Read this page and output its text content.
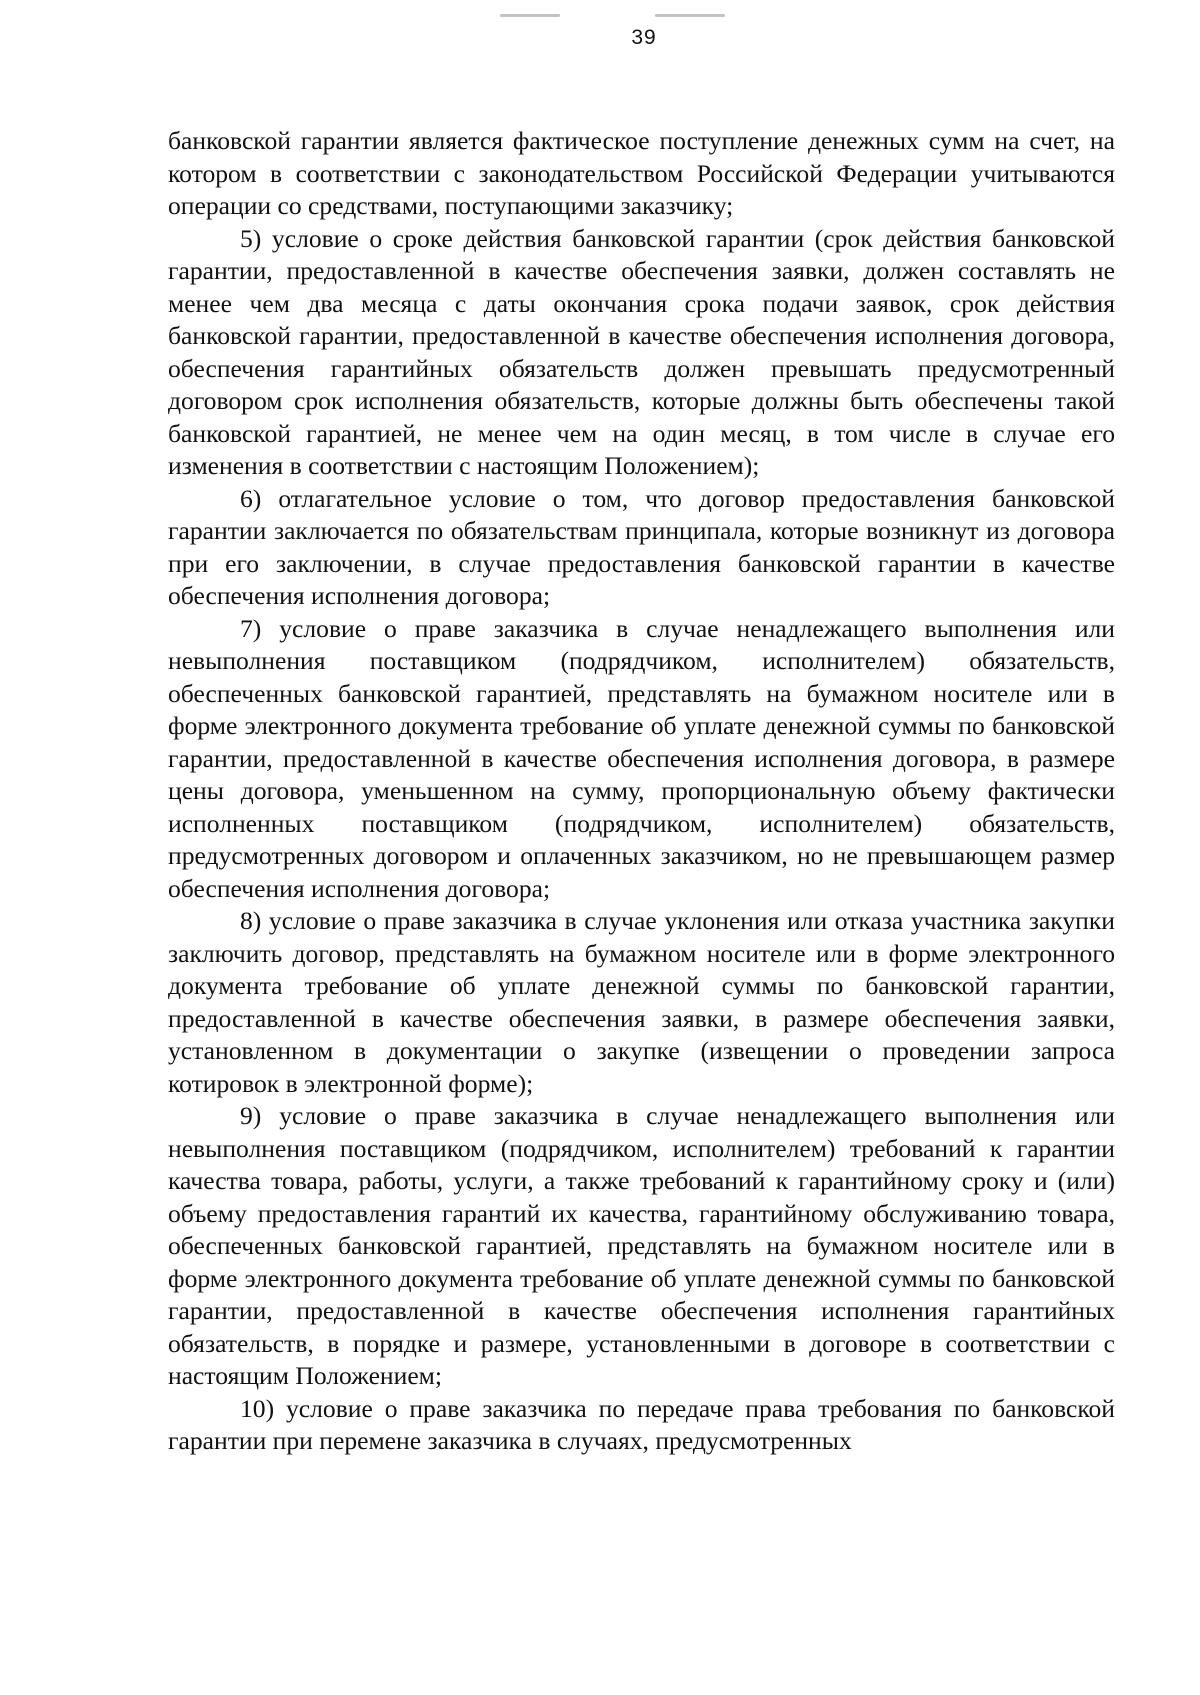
39

банковской гарантии является фактическое поступление денежных сумм на счет, на котором в соответствии с законодательством Российской Федерации учитываются операции со средствами, поступающими заказчику;

5) условие о сроке действия банковской гарантии (срок действия банковской гарантии, предоставленной в качестве обеспечения заявки, должен составлять не менее чем два месяца с даты окончания срока подачи заявок, срок действия банковской гарантии, предоставленной в качестве обеспечения исполнения договора, обеспечения гарантийных обязательств должен превышать предусмотренный договором срок исполнения обязательств, которые должны быть обеспечены такой банковской гарантией, не менее чем на один месяц, в том числе в случае его изменения в соответствии с настоящим Положением);

6) отлагательное условие о том, что договор предоставления банковской гарантии заключается по обязательствам принципала, которые возникнут из договора при его заключении, в случае предоставления банковской гарантии в качестве обеспечения исполнения договора;

7) условие о праве заказчика в случае ненадлежащего выполнения или невыполнения поставщиком (подрядчиком, исполнителем) обязательств, обеспеченных банковской гарантией, представлять на бумажном носителе или в форме электронного документа требование об уплате денежной суммы по банковской гарантии, предоставленной в качестве обеспечения исполнения договора, в размере цены договора, уменьшенном на сумму, пропорциональную объему фактически исполненных поставщиком (подрядчиком, исполнителем) обязательств, предусмотренных договором и оплаченных заказчиком, но не превышающем размер обеспечения исполнения договора;

8) условие о праве заказчика в случае уклонения или отказа участника закупки заключить договор, представлять на бумажном носителе или в форме электронного документа требование об уплате денежной суммы по банковской гарантии, предоставленной в качестве обеспечения заявки, в размере обеспечения заявки, установленном в документации о закупке (извещении о проведении запроса котировок в электронной форме);

9) условие о праве заказчика в случае ненадлежащего выполнения или невыполнения поставщиком (подрядчиком, исполнителем) требований к гарантии качества товара, работы, услуги, а также требований к гарантийному сроку и (или) объему предоставления гарантий их качества, гарантийному обслуживанию товара, обеспеченных банковской гарантией, представлять на бумажном носителе или в форме электронного документа требование об уплате денежной суммы по банковской гарантии, предоставленной в качестве обеспечения исполнения гарантийных обязательств, в порядке и размере, установленными в договоре в соответствии с настоящим Положением;

10) условие о праве заказчика по передаче права требования по банковской гарантии при перемене заказчика в случаях, предусмотренных
